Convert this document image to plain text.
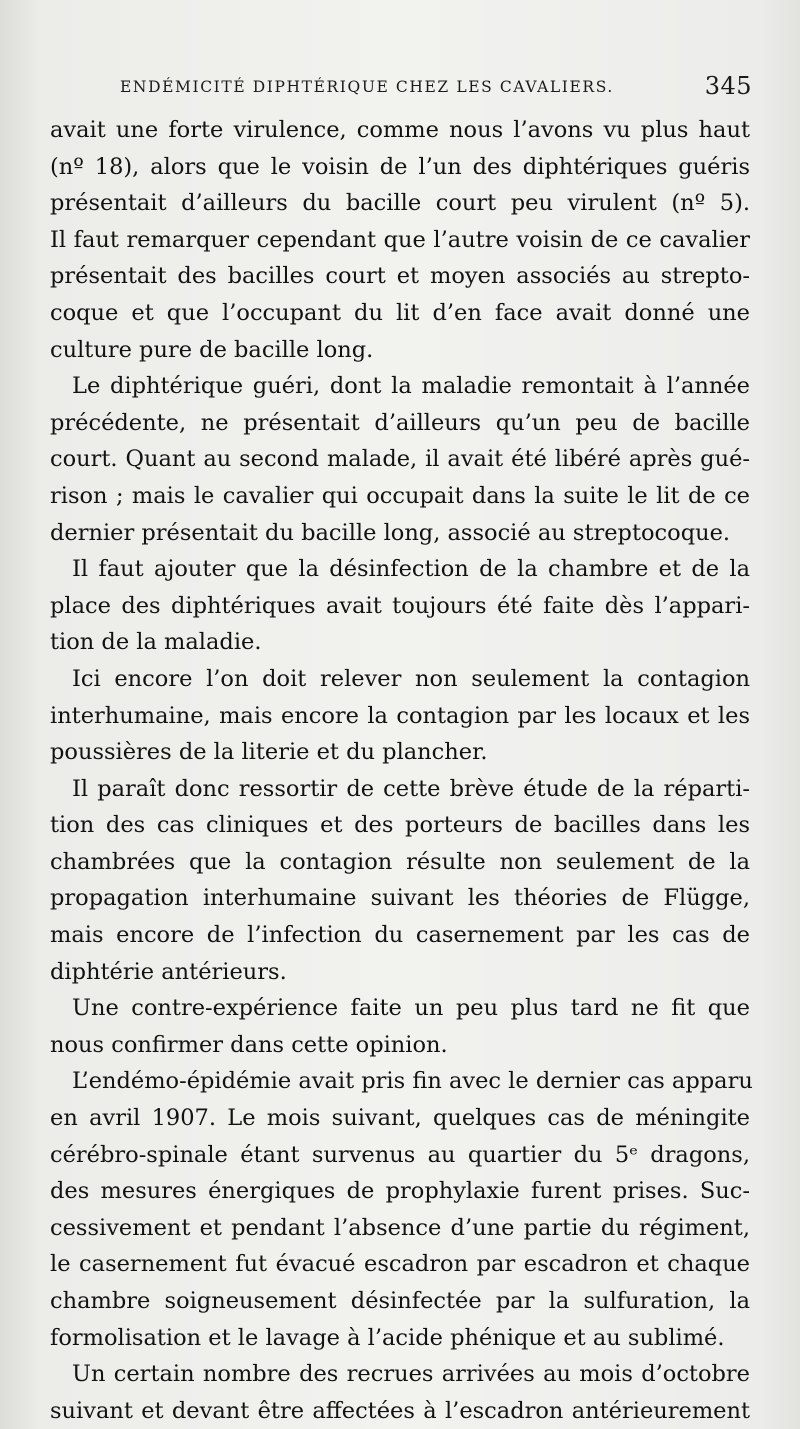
ENDÉMICITÉ DIPHTÉRIQUE CHEZ LES CAVALIERS.	345
avait une forte virulence, comme nous l’avons vu plus haut
(nº 18), alors que le voisin de l’un des diphtériques guéris
présentait d’ailleurs du bacille court peu virulent (nº 5).
Il faut remarquer cependant que l’autre voisin de ce cavalier
présentait des bacilles court et moyen associés au strepto-
coque et que l’occupant du lit d’en face avait donné une
culture pure de bacille long.
Le diphtérique guéri, dont la maladie remontait à l’année
précédente, ne présentait d’ailleurs qu’un peu de bacille
court. Quant au second malade, il avait été libéré après gué-
rison ; mais le cavalier qui occupait dans la suite le lit de ce
dernier présentait du bacille long, associé au streptocoque.
Il faut ajouter que la désinfection de la chambre et de la
place des diphtériques avait toujours été faite dès l’appari-
tion de la maladie.
Ici encore l’on doit relever non seulement la contagion
interhumaine, mais encore la contagion par les locaux et les
poussières de la literie et du plancher.
Il paraît donc ressortir de cette brève étude de la réparti-
tion des cas cliniques et des porteurs de bacilles dans les
chambrées que la contagion résulte non seulement de la
propagation interhumaine suivant les théories de Flügge,
mais encore de l’infection du casernement par les cas de
diphtérie antérieurs.
Une contre-expérience faite un peu plus tard ne fit que
nous confirmer dans cette opinion.
L’endémo-épidémie avait pris fin avec le dernier cas apparu
en avril 1907. Le mois suivant, quelques cas de méningite
cérébro-spinale étant survenus au quartier du 5ᵉ dragons,
des mesures énergiques de prophylaxie furent prises. Suc-
cessivement et pendant l’absence d’une partie du régiment,
le casernement fut évacué escadron par escadron et chaque
chambre soigneusement désinfectée par la sulfuration, la
formolisation et le lavage à l’acide phénique et au sublimé.
Un certain nombre des recrues arrivées au mois d’octobre
suivant et devant être affectées à l’escadron antérieurement
